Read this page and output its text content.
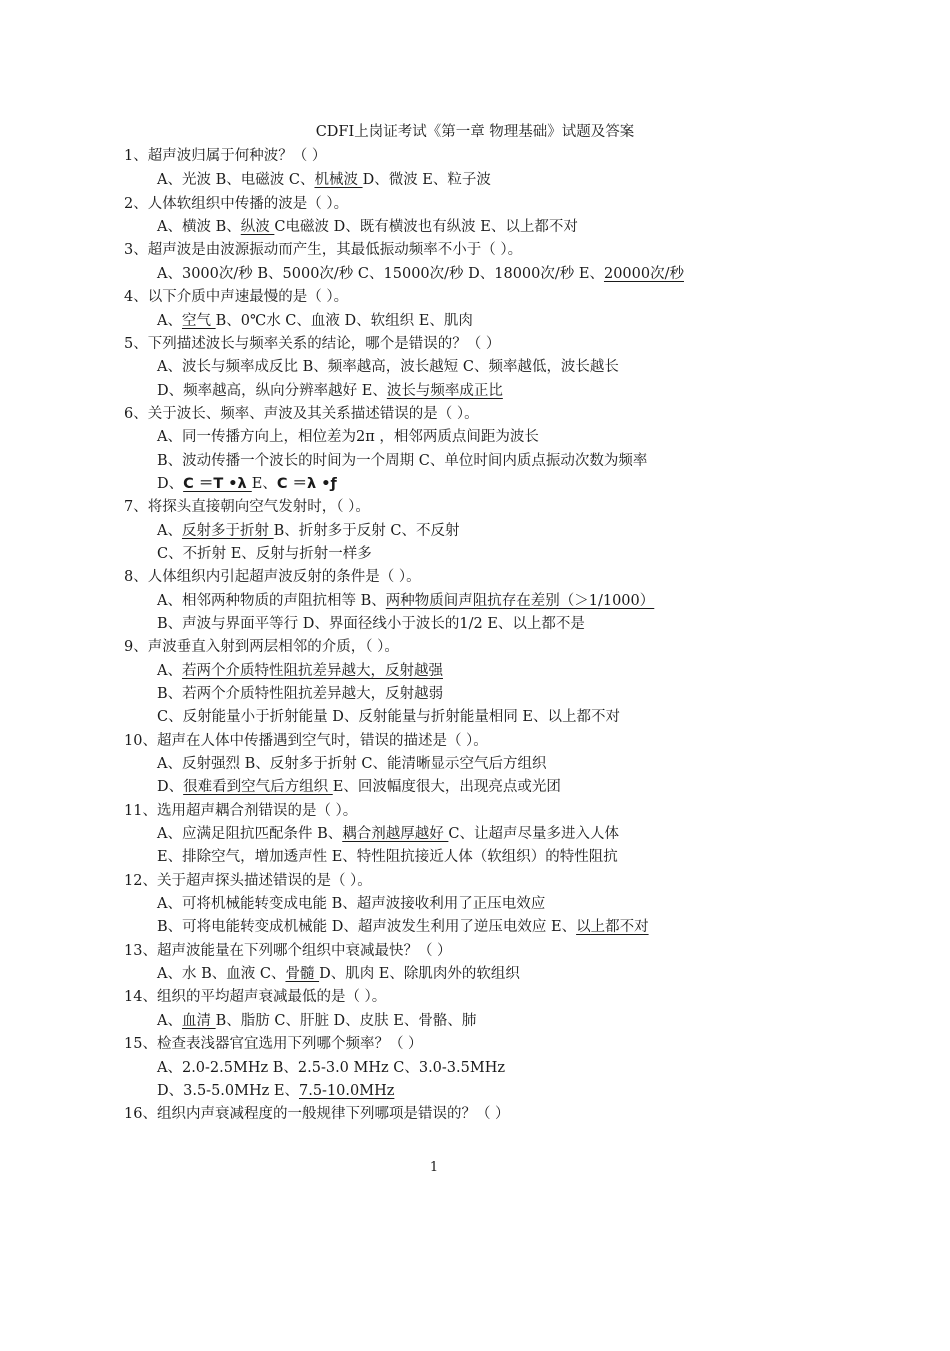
CDFI上岗证考试《第一章 物理基础》试题及答案
1、超声波归属于何种波？（ ）
A、光波 B、电磁波 C、机械波 D、微波 E、粒子波
2、人体软组织中传播的波是（ ）。
A、横波 B、纵波 C电磁波 D、既有横波也有纵波 E、以上都不对
3、超声波是由波源振动而产生，其最低振动频率不小于（ ）。
A、3000次/秒 B、5000次/秒 C、15000次/秒 D、18000次/秒 E、20000次/秒
4、以下介质中声速最慢的是（ ）。
A、空气 B、0℃水 C、血液 D、软组织 E、肌肉
5、下列描述波长与频率关系的结论，哪个是错误的？（ ）
A、波长与频率成反比 B、频率越高，波长越短 C、频率越低，波长越长
D、频率越高，纵向分辨率越好 E、波长与频率成正比
6、关于波长、频率、声波及其关系描述错误的是（ ）。
A、同一传播方向上，相位差为2π ，相邻两质点间距为波长
B、波动传播一个波长的时间为一个周期 C、单位时间内质点振动次数为频率
D、C ＝T •λ E、C ＝λ •ƒ
7、将探头直接朝向空气发射时，（ ）。
A、反射多于折射 B、折射多于反射 C、不反射
C、不折射 E、反射与折射一样多
8、人体组织内引起超声波反射的条件是（ ）。
A、相邻两种物质的声阻抗相等 B、两种物质间声阻抗存在差别（＞1/1000）
B、声波与界面平等行 D、界面径线小于波长的1/2 E、以上都不是
9、声波垂直入射到两层相邻的介质，（ ）。
A、若两个介质特性阻抗差异越大，反射越强
B、若两个介质特性阻抗差异越大，反射越弱
C、反射能量小于折射能量 D、反射能量与折射能量相同 E、以上都不对
10、超声在人体中传播遇到空气时，错误的描述是（ ）。
A、反射强烈 B、反射多于折射 C、能清晰显示空气后方组织
D、很难看到空气后方组织 E、回波幅度很大，出现亮点或光团
11、选用超声耦合剂错误的是（ ）。
A、应满足阻抗匹配条件 B、耦合剂越厚越好 C、让超声尽量多进入人体
E、排除空气，增加透声性 E、特性阻抗接近人体（软组织）的特性阻抗
12、关于超声探头描述错误的是（ ）。
A、可将机械能转变成电能 B、超声波接收利用了正压电效应
B、可将电能转变成机械能 D、超声波发生利用了逆压电效应 E、以上都不对
13、超声波能量在下列哪个组织中衰减最快？（ ）
A、水 B、血液 C、骨髓 D、肌肉 E、除肌肉外的软组织
14、组织的平均超声衰减最低的是（ ）。
A、血清 B、脂肪 C、肝脏 D、皮肤 E、骨骼、肺
15、检查表浅器官宜选用下列哪个频率？（ ）
A、2.0-2.5MHz B、2.5-3.0 MHz C、3.0-3.5MHz
D、3.5-5.0MHz E、7.5-10.0MHz
16、组织内声衰减程度的一般规律下列哪项是错误的？（ ）
1
